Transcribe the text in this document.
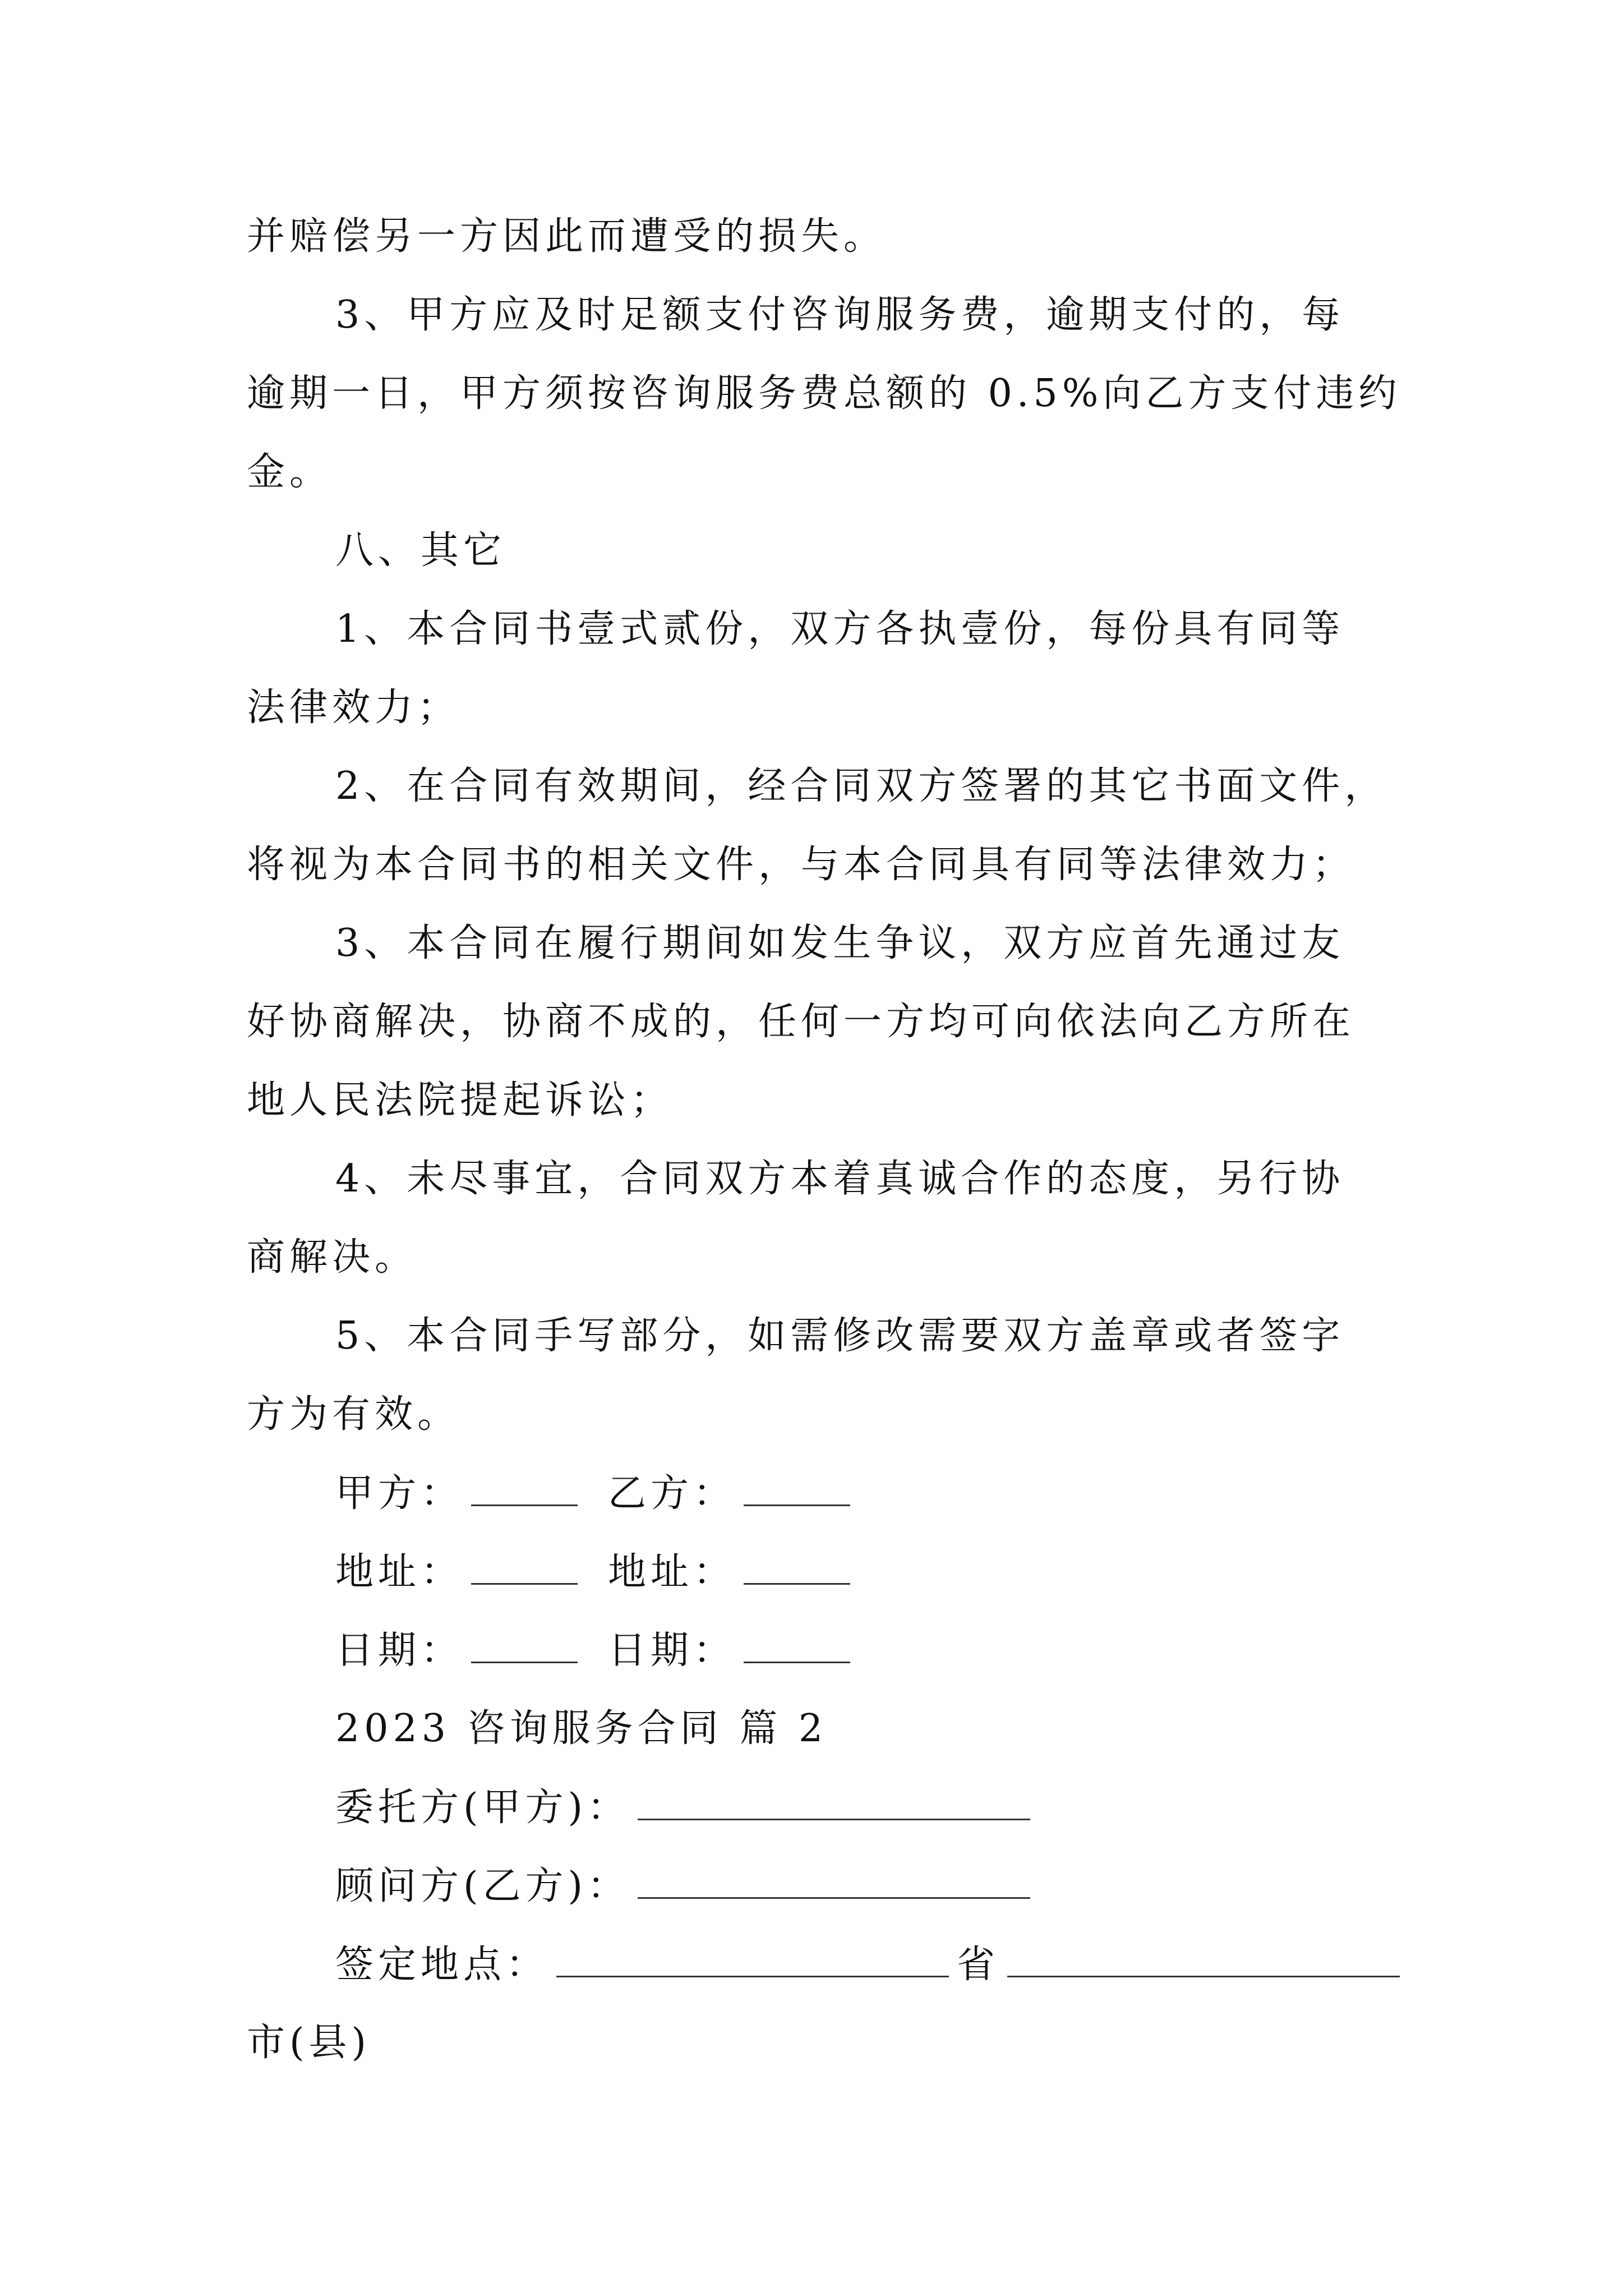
并赔偿另一方因此而遭受的损失。
3、甲方应及时足额支付咨询服务费，逾期支付的，每
逾期一日，甲方须按咨询服务费总额的 0.5%向乙方支付违约
金。
八、其它
1、本合同书壹式贰份，双方各执壹份，每份具有同等
法律效力；
2、在合同有效期间，经合同双方签署的其它书面文件，
将视为本合同书的相关文件，与本合同具有同等法律效力；
3、本合同在履行期间如发生争议，双方应首先通过友
好协商解决，协商不成的，任何一方均可向依法向乙方所在
地人民法院提起诉讼；
4、未尽事宜，合同双方本着真诚合作的态度，另行协
商解决。
5、本合同手写部分，如需修改需要双方盖章或者签字
方为有效。
甲方：	乙方：
地址：	地址：
日期：	日期：
2023 咨询服务合同 篇 2
委托方(甲方)：
顾问方(乙方)：
签定地点：	省
市(县)
